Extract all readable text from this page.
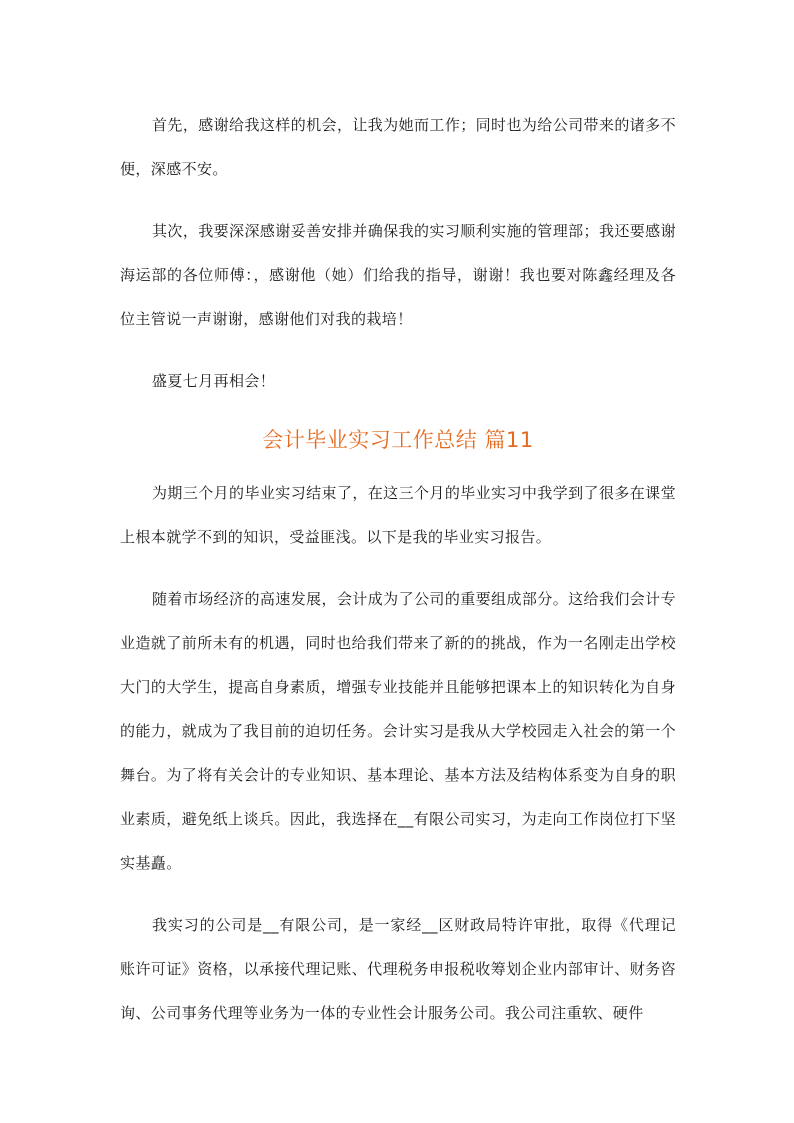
首先，感谢给我这样的机会，让我为她而工作；同时也为给公司带来的诸多不便，深感不安。

其次，我要深深感谢妥善安排并确保我的实习顺利实施的管理部；我还要感谢海运部的各位师傅：，感谢他（她）们给我的指导，谢谢！我也要对陈鑫经理及各位主管说一声谢谢，感谢他们对我的栽培！

盛夏七月再相会！

会计毕业实习工作总结 篇11

为期三个月的毕业实习结束了，在这三个月的毕业实习中我学到了很多在课堂上根本就学不到的知识，受益匪浅。以下是我的毕业实习报告。

随着市场经济的高速发展，会计成为了公司的重要组成部分。这给我们会计专业造就了前所未有的机遇，同时也给我们带来了新的的挑战，作为一名刚走出学校大门的大学生，提高自身素质，增强专业技能并且能够把课本上的知识转化为自身的能力，就成为了我目前的迫切任务。会计实习是我从大学校园走入社会的第一个舞台。为了将有关会计的专业知识、基本理论、基本方法及结构体系变为自身的职业素质，避免纸上谈兵。因此，我选择在__有限公司实习，为走向工作岗位打下坚实基矗。

我实习的公司是__有限公司，是一家经__区财政局特许审批，取得《代理记账许可证》资格，以承接代理记账、代理税务申报税收筹划企业内部审计、财务咨询、公司事务代理等业务为一体的专业性会计服务公司。我公司注重软、硬件
